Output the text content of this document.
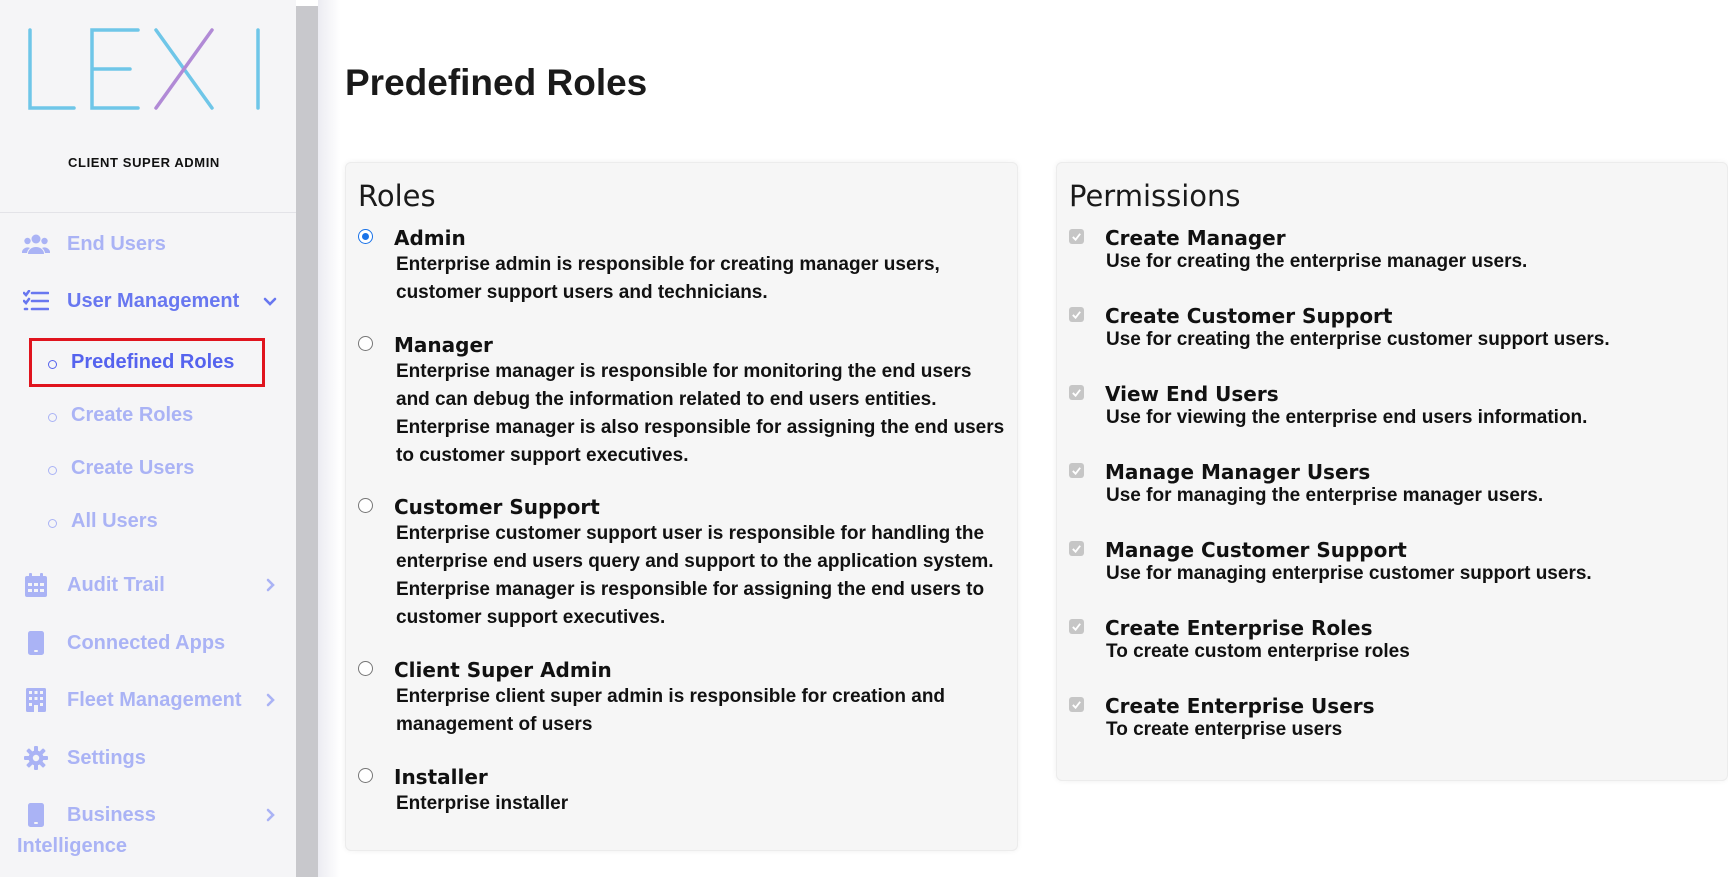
CLIENT SUPER ADMIN
End Users
User Management
Predefined Roles
Create Roles
Create Users
All Users
Audit Trail
Connected Apps
Fleet Management
Settings
Business
Intelligence
Predefined Roles
Roles
Admin
Enterprise admin is responsible for creating manager users, customer support users and technicians.
Manager
Enterprise manager is responsible for monitoring the end users and can debug the information related to end users entities. Enterprise manager is also responsible for assigning the end users to customer support executives.
Customer Support
Enterprise customer support user is responsible for handling the enterprise end users query and support to the application system. Enterprise manager is responsible for assigning the end users to customer support executives.
Client Super Admin
Enterprise client super admin is responsible for creation and management of users
Installer
Enterprise installer
Permissions
Create Manager
Use for creating the enterprise manager users.
Create Customer Support
Use for creating the enterprise customer support users.
View End Users
Use for viewing the enterprise end users information.
Manage Manager Users
Use for managing the enterprise manager users.
Manage Customer Support
Use for managing enterprise customer support users.
Create Enterprise Roles
To create custom enterprise roles
Create Enterprise Users
To create enterprise users
